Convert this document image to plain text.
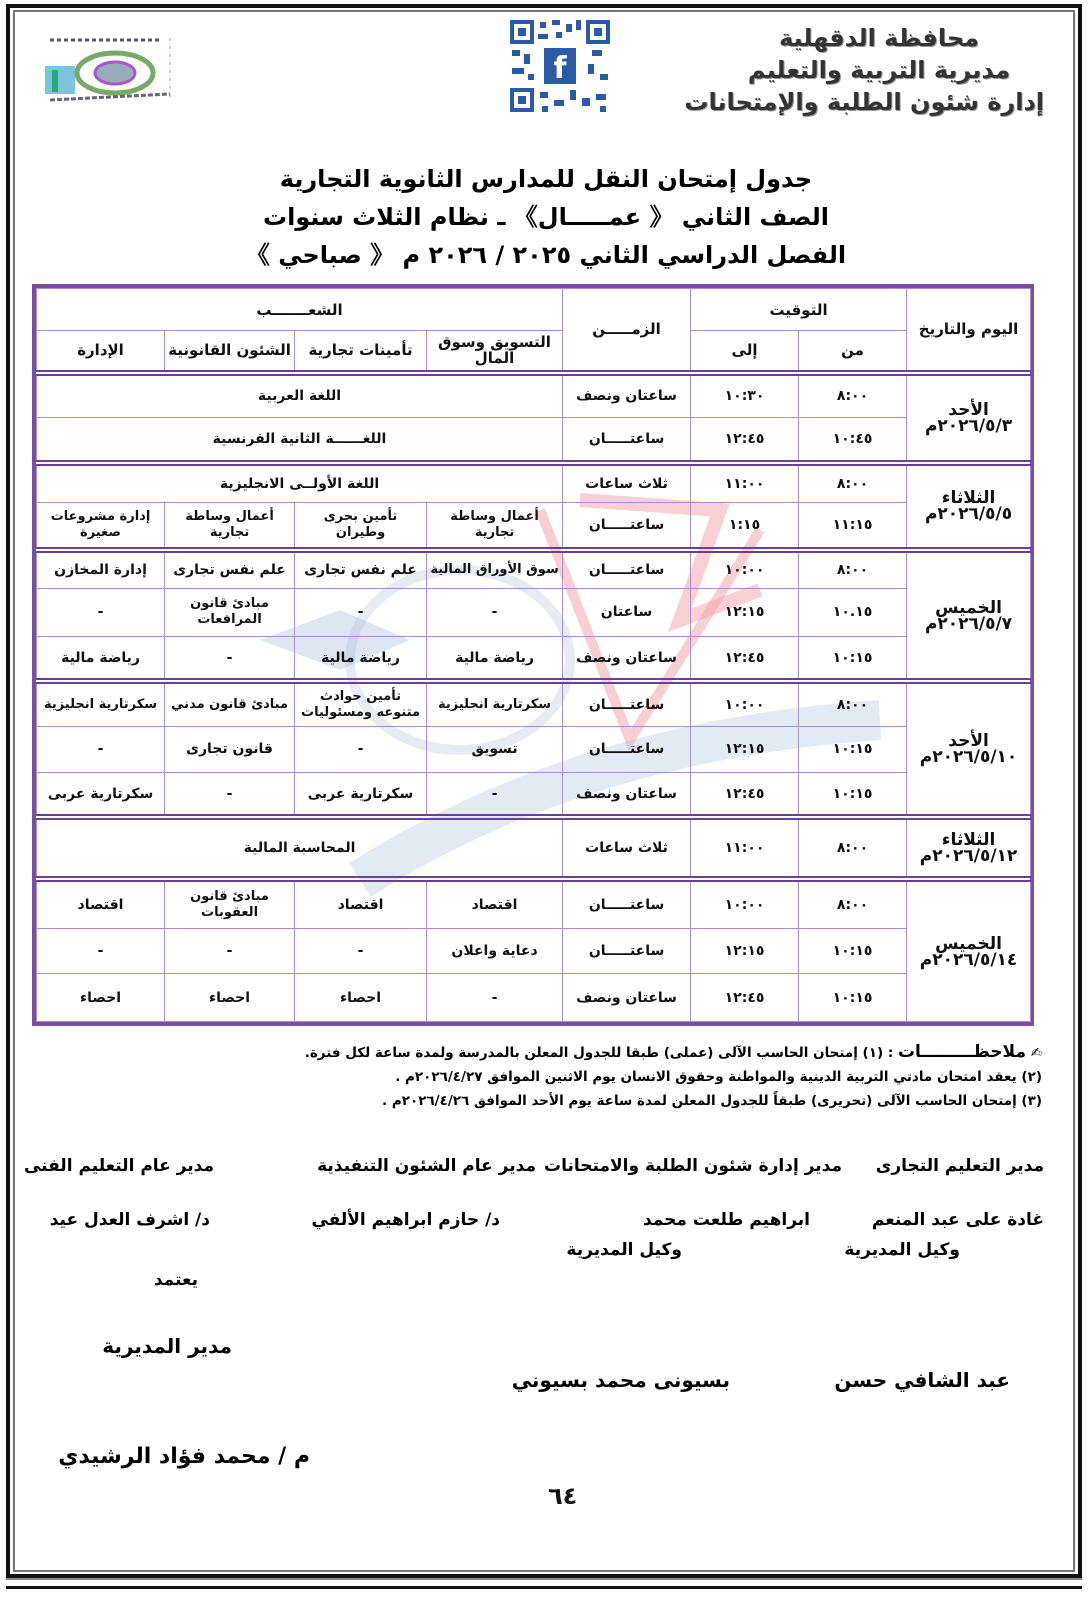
f
محافظة الدقهلية
مديرية التربية والتعليم
إدارة شئون الطلبة والإمتحانات
جدول إمتحان النقل للمدارس الثانوية التجارية
الصف الثاني 《 عمـــــال》 ـ نظام الثلاث سنوات
الفصل الدراسي الثاني ٢٠٢٥ / ٢٠٢٦ م 《 صباحي 》
اليوم والتاريخ	التوقيت		الزمـــــن	الشعـــــــب			
	من	إلى		التسويق وسوق المال	تأمينات تجارية	الشئون القانونية	الإدارة

الأحد
٢٠٢٦/٥/٣م	٨:٠٠	١٠:٣٠	ساعتان ونصف	اللغة العربية			
	١٠:٤٥	١٢:٤٥	ساعتـــــان	اللغــــــة الثانية الفرنسية			

الثلاثاء
٢٠٢٦/٥/٥م	٨:٠٠	١١:٠٠	ثلاث ساعات	اللغة الأولــى الانجليزية			
	١١:١٥	١:١٥	ساعتـــــان	أعمال وساطة تجارية	تأمين بحرى وطيران	أعمال وساطة تجارية	إدارة مشروعات صغيرة

الخميس
٢٠٢٦/٥/٧م	٨:٠٠	١٠:٠٠	ساعتـــــان	سوق الأوراق المالية	علم نفس تجارى	علم نفس تجارى	إدارة المخازن
	١٠.١٥	١٢:١٥	ساعتان	-	-	مبادئ قانون المرافعات	-
	١٠:١٥	١٢:٤٥	ساعتان ونصف	رياضة مالية	رياضة مالية	-	رياضة مالية

الأحد
٢٠٢٦/٥/١٠م	٨:٠٠	١٠:٠٠	ساعتـــــان	سكرتارية انجليزية	تأمين حوادث متنوعه ومسئوليات	مبادئ قانون مدني	سكرتارية انجليزية
	١٠:١٥	١٢:١٥	ساعتـــــان	تسويق	-	قانون تجارى	-
	١٠:١٥	١٢:٤٥	ساعتان ونصف	-	سكرتارية عربى	-	سكرتارية عربى

الثلاثاء
٢٠٢٦/٥/١٢م	٨:٠٠	١١:٠٠	ثلاث ساعات	المحاسبة المالية			

الخميس
٢٠٢٦/٥/١٤م	٨:٠٠	١٠:٠٠	ساعتـــــان	اقتصاد	اقتصاد	مبادئ قانون العقوبات	اقتصاد
	١٠:١٥	١٢:١٥	ساعتـــــان	دعاية واعلان	-	-	-
	١٠:١٥	١٢:٤٥	ساعتان ونصف	-	احصاء	احصاء	احصاء
✍ ملاحظـــــــــات : (١) إمتحان الحاسب الآلى (عملى) طبقا للجدول المعلن بالمدرسة ولمدة ساعة لكل فترة.
(٢) يعقد امتحان مادتي التربية الدينية والمواطنة وحقوق الانسان يوم الاثنين الموافق ٢٠٢٦/٤/٢٧م .
(٣) إمتحان الحاسب الآلى (تحريرى) طبقاً للجدول المعلن لمدة ساعة يوم الأحد الموافق ٢٠٢٦/٤/٢٦م .
مدير التعليم التجارى
مدير إدارة شئون الطلبة والامتحانات
مدير عام الشئون التنفيذية
مدير عام التعليم الفنى
غادة على عبد المنعم
ابراهيم طلعت محمد
د/ حازم ابراهيم الألفي
د/ اشرف العدل عيد
وكيل المديرية
وكيل المديرية
يعتمد
مدير المديرية
عبد الشافي حسن
بسيونى محمد بسيوني
م / محمد فؤاد الرشيدي
٦٤
